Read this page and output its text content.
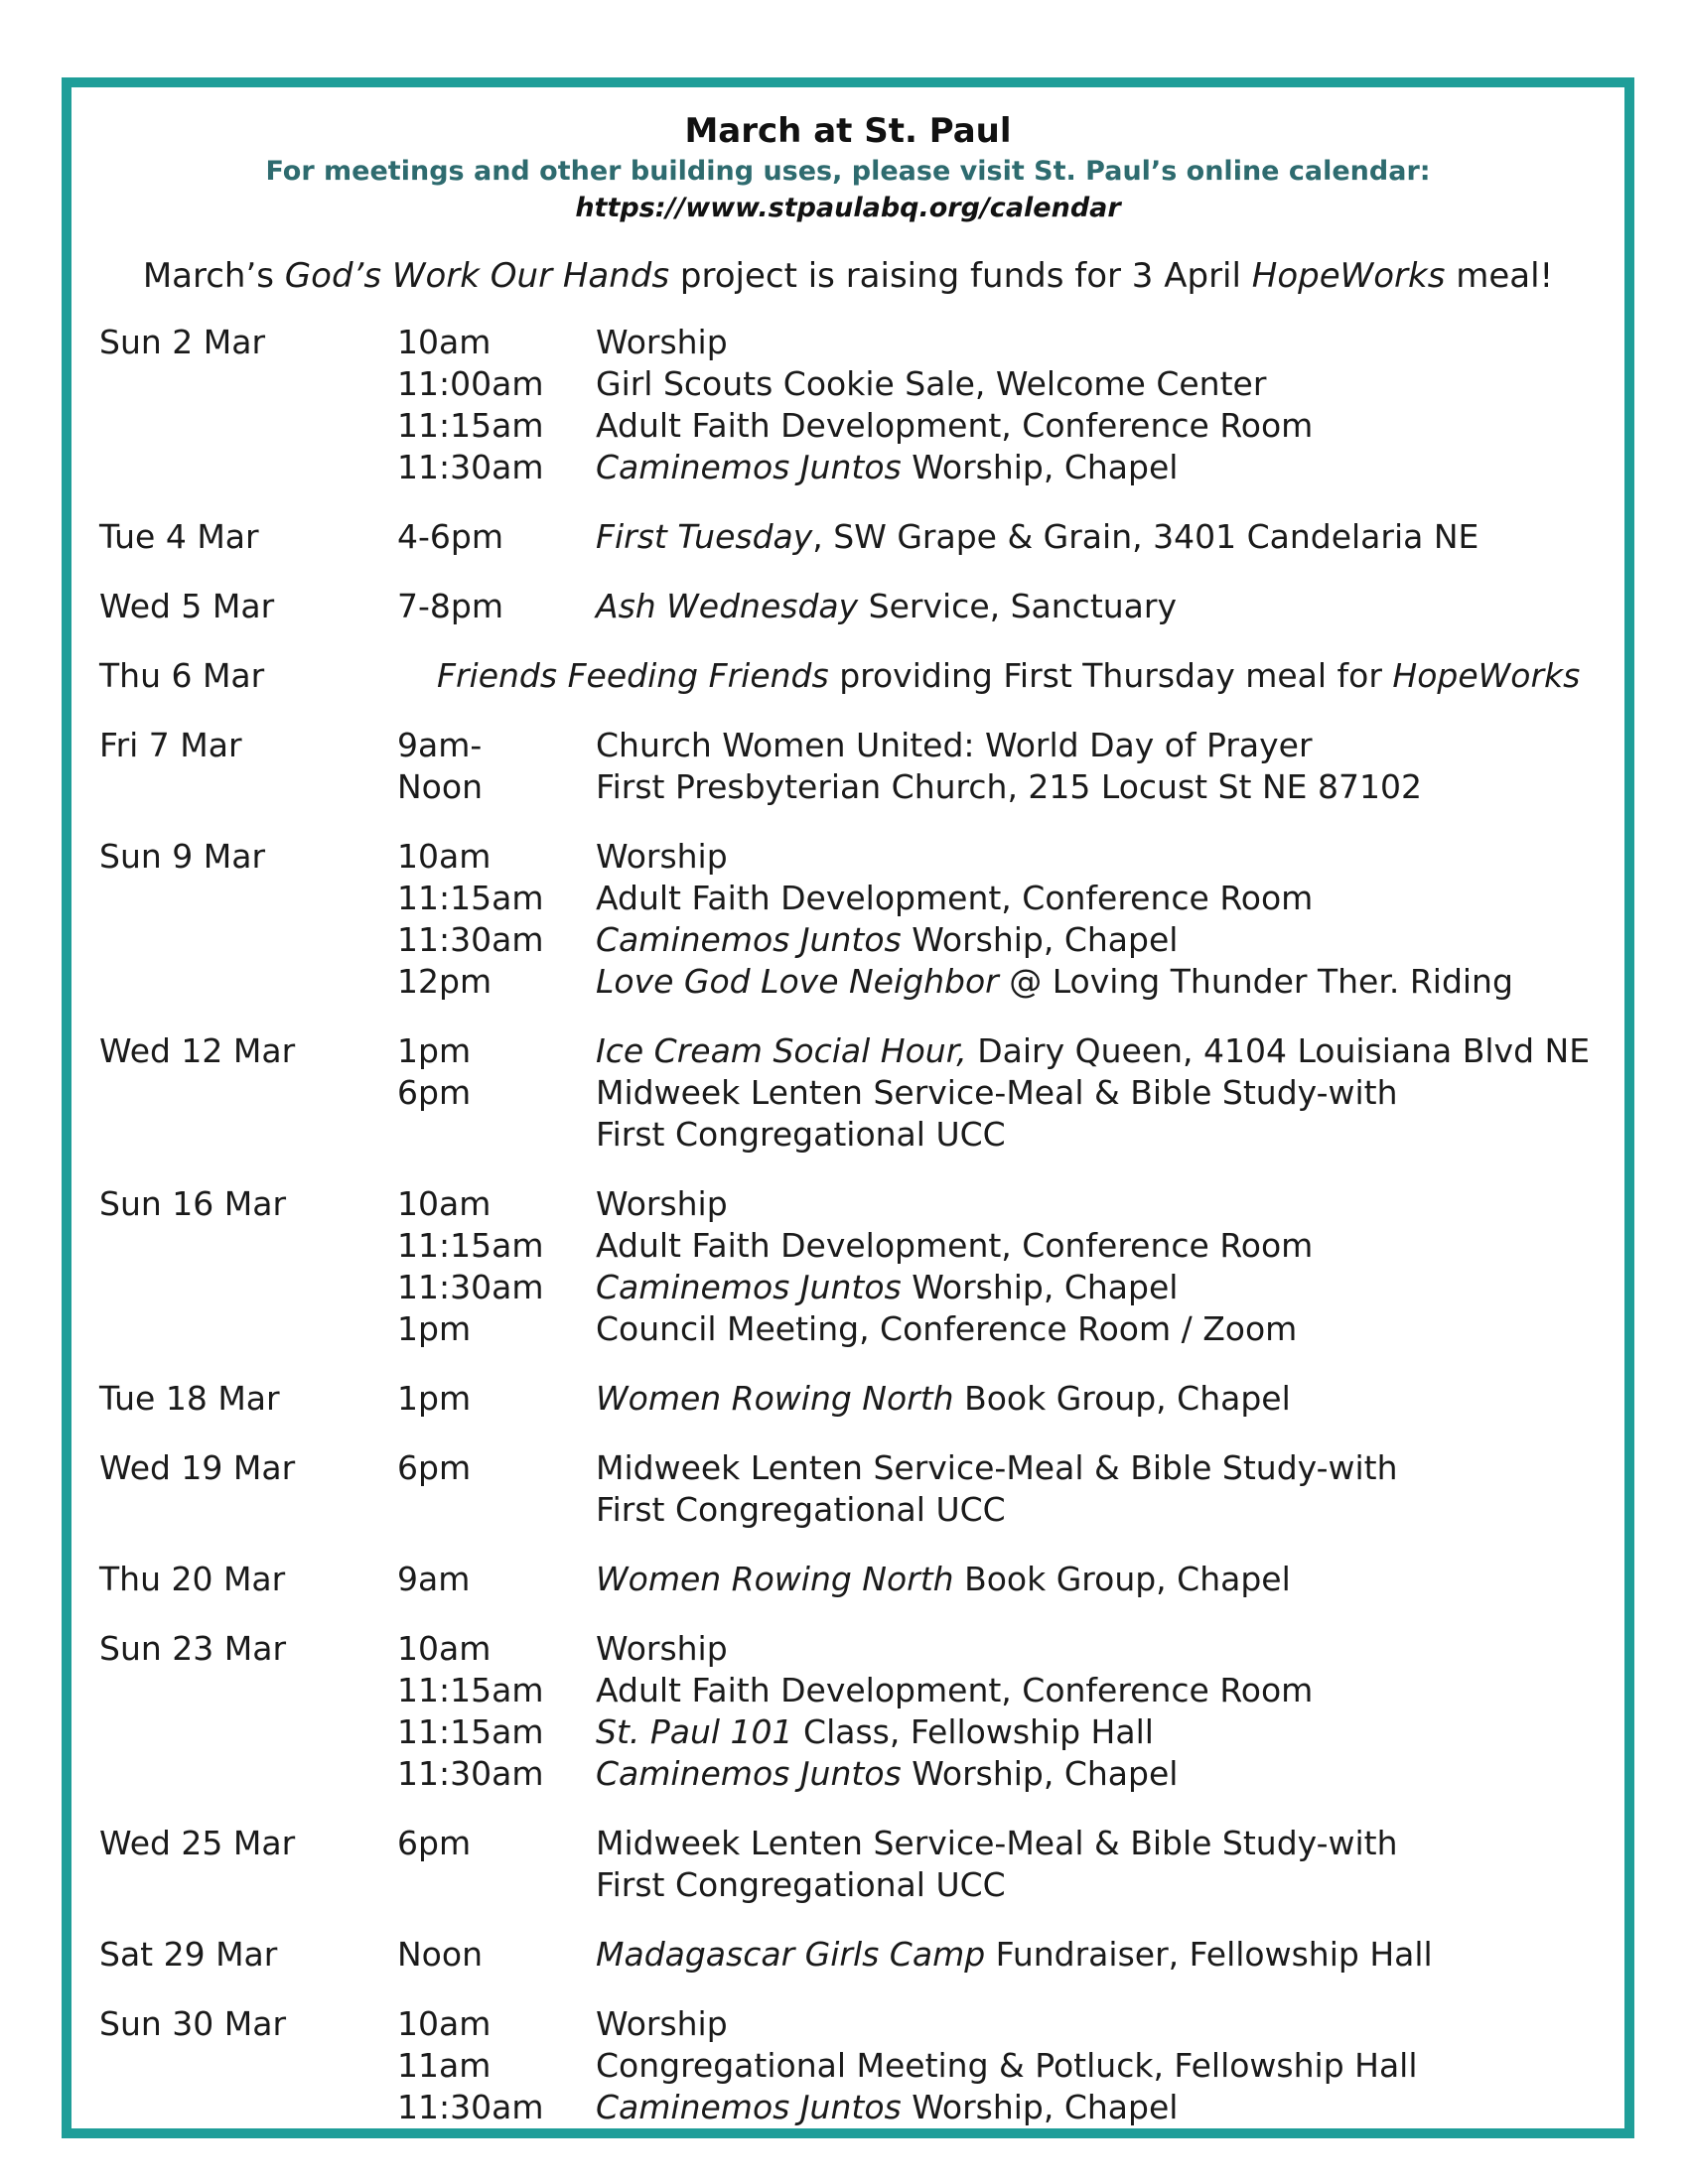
March at St. Paul
For meetings and other building uses, please visit St. Paul’s online calendar:
https://www.stpaulabq.org/calendar
March’s God’s Work Our Hands project is raising funds for 3 April HopeWorks meal!
Sun 2 Mar	10am	Worship
11:00am	Girl Scouts Cookie Sale, Welcome Center
11:15am	Adult Faith Development, Conference Room
11:30am	Caminemos Juntos Worship, Chapel
Tue 4 Mar	4-6pm	First Tuesday, SW Grape & Grain, 3401 Candelaria NE
Wed 5 Mar	7-8pm	Ash Wednesday Service, Sanctuary
Thu 6 Mar	Friends Feeding Friends providing First Thursday meal for HopeWorks
Fri 7 Mar	9am-	Church Women United: World Day of Prayer
Noon	First Presbyterian Church, 215 Locust St NE 87102
Sun 9 Mar	10am	Worship
11:15am	Adult Faith Development, Conference Room
11:30am	Caminemos Juntos Worship, Chapel
12pm	Love God Love Neighbor @ Loving Thunder Ther. Riding
Wed 12 Mar	1pm	Ice Cream Social Hour, Dairy Queen, 4104 Louisiana Blvd NE
6pm	Midweek Lenten Service-Meal & Bible Study-with
First Congregational UCC
Sun 16 Mar	10am	Worship
11:15am	Adult Faith Development, Conference Room
11:30am	Caminemos Juntos Worship, Chapel
1pm	Council Meeting, Conference Room / Zoom
Tue 18 Mar	1pm	Women Rowing North Book Group, Chapel
Wed 19 Mar	6pm	Midweek Lenten Service-Meal & Bible Study-with
First Congregational UCC
Thu 20 Mar	9am	Women Rowing North Book Group, Chapel
Sun 23 Mar	10am	Worship
11:15am	Adult Faith Development, Conference Room
11:15am	St. Paul 101 Class, Fellowship Hall
11:30am	Caminemos Juntos Worship, Chapel
Wed 25 Mar	6pm	Midweek Lenten Service-Meal & Bible Study-with
First Congregational UCC
Sat 29 Mar	Noon	Madagascar Girls Camp Fundraiser, Fellowship Hall
Sun 30 Mar	10am	Worship
11am	Congregational Meeting & Potluck, Fellowship Hall
11:30am	Caminemos Juntos Worship, Chapel
